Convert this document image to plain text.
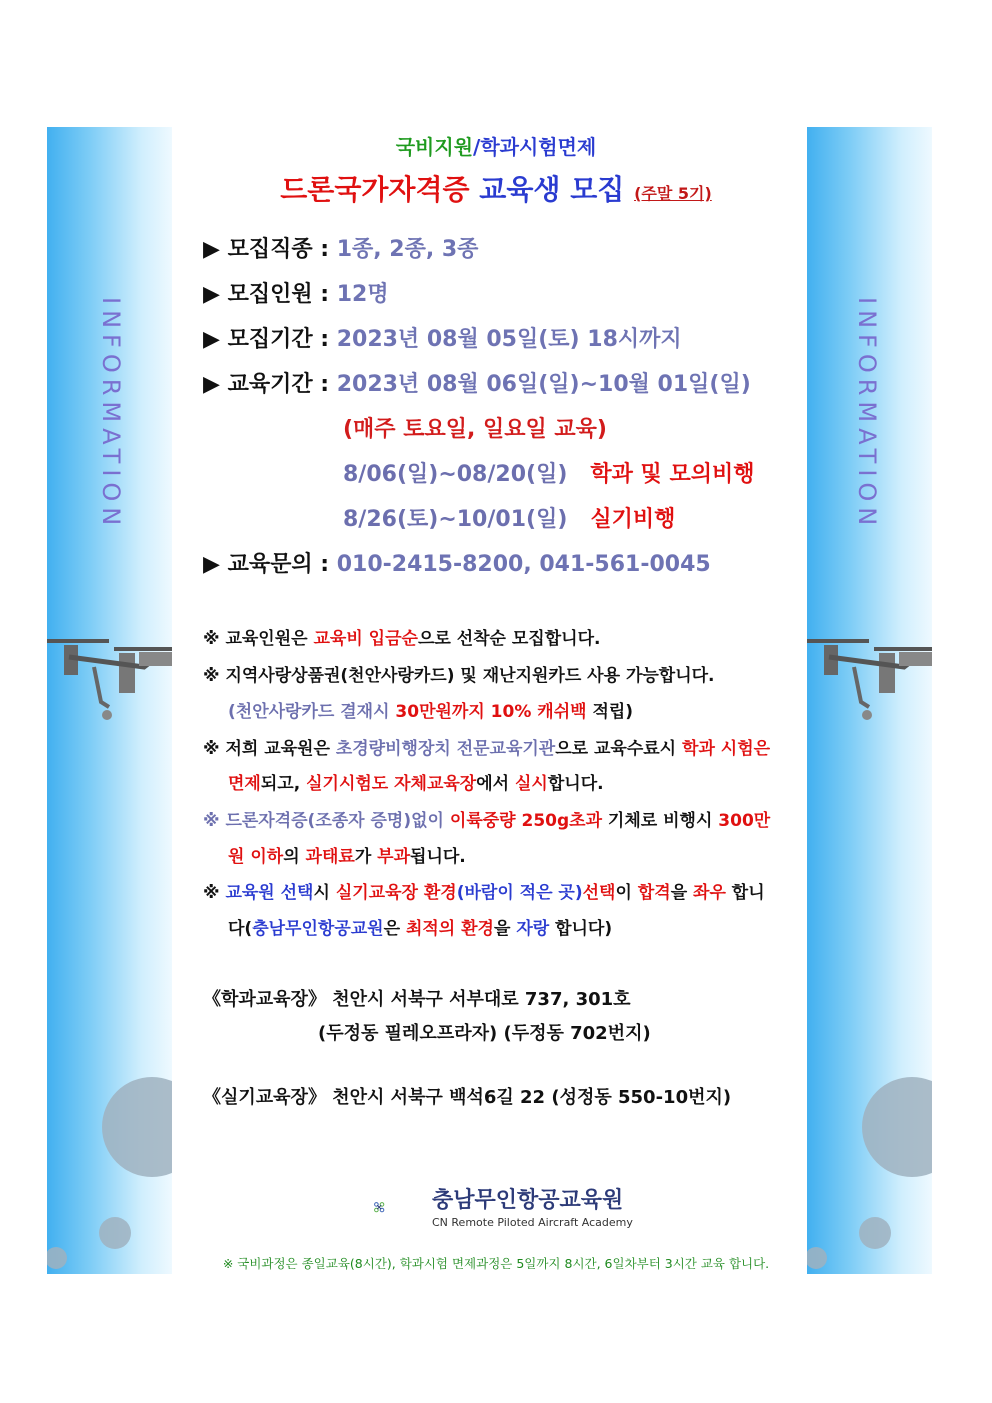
INFORMATION	INFORMATION
국비지원/학과시험면제
드론국가자격증 교육생 모집 (주말 5기)
▶ 모집직종 : 1종, 2종, 3종
▶ 모집인원 : 12명
▶ 모집기간 : 2023년 08월 05일(토) 18시까지
▶ 교육기간 : 2023년 08월 06일(일)~10월 01일(일)
(매주 토요일, 일요일 교육)
8/06(일)~08/20(일) 학과 및 모의비행
8/26(토)~10/01(일) 실기비행
▶ 교육문의 : 010-2415-8200, 041-561-0045
※ 교육인원은 교육비 입금순으로 선착순 모집합니다.
※ 지역사랑상품권(천안사랑카드) 및 재난지원카드 사용 가능합니다.
(천안사랑카드 결재시 30만원까지 10% 캐쉬백 적립)
※ 저희 교육원은 초경량비행장치 전문교육기관으로 교육수료시 학과 시험은
면제되고, 실기시험도 자체교육장에서 실시합니다.
※ 드론자격증(조종자 증명)없이 이륙중량 250g초과 기체로 비행시 300만
원 이하의 과태료가 부과됩니다.
※ 교육원 선택시 실기교육장 환경(바람이 적은 곳)선택이 합격을 좌우 합니
다(충남무인항공교원은 최적의 환경을 자랑 합니다)
《학과교육장》 천안시 서북구 서부대로 737, 301호
(두정동 필레오프라자) (두정동 702번지)
《실기교육장》 천안시 서북구 백석6길 22 (성정동 550-10번지)
충남무인항공교육원
CN Remote Piloted Aircraft Academy
※ 국비과정은 종일교육(8시간), 학과시험 면제과정은 5일까지 8시간, 6일차부터 3시간 교육 합니다.
